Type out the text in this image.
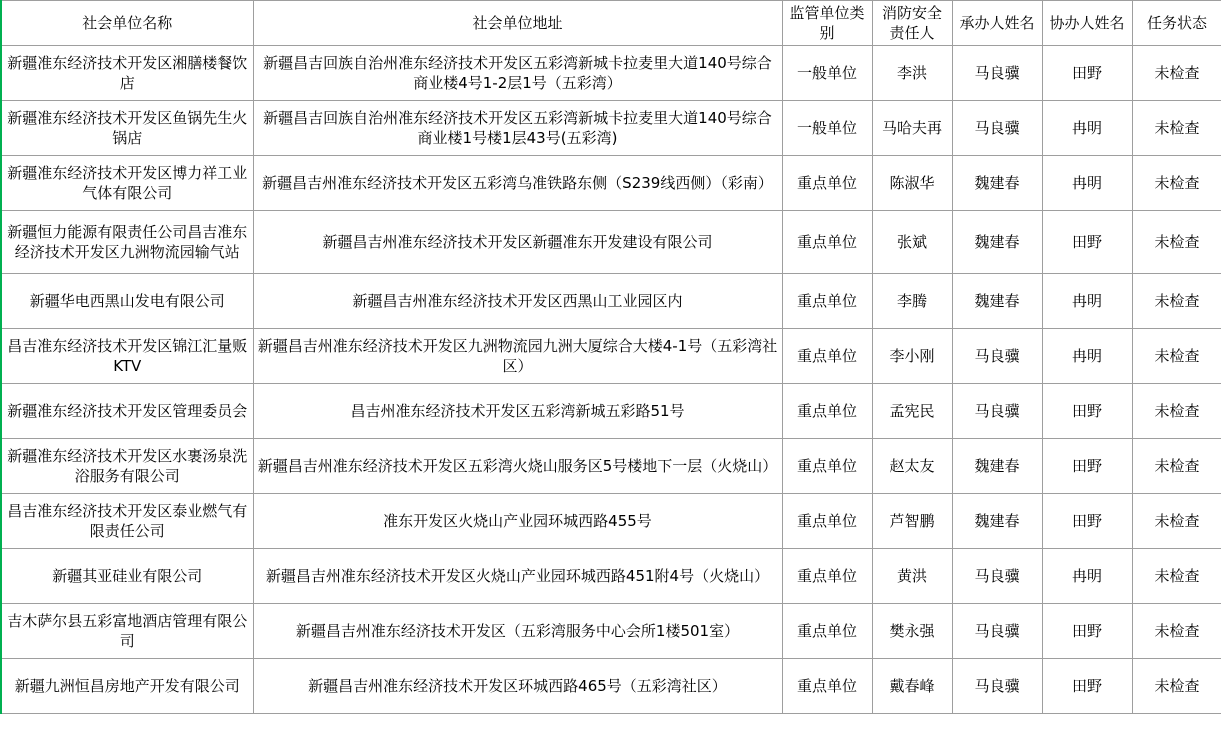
社会单位名称	社会单位地址	监管单位类别	消防安全责任人	承办人姓名	协办人姓名	任务状态
新疆准东经济技术开发区湘膳楼餐饮店	新疆昌吉回族自治州准东经济技术开发区五彩湾新城卡拉麦里大道140号综合商业楼4号1-2层1号（五彩湾）	一般单位	李洪	马良骥	田野	未检查
新疆准东经济技术开发区鱼锅先生火锅店	新疆昌吉回族自治州准东经济技术开发区五彩湾新城卡拉麦里大道140号综合商业楼1号楼1层43号(五彩湾)	一般单位	马哈夫再	马良骥	冉明	未检查
新疆准东经济技术开发区博力祥工业气体有限公司	新疆昌吉州准东经济技术开发区五彩湾乌准铁路东侧（S239线西侧）（彩南）	重点单位	陈淑华	魏建春	冉明	未检查
新疆恒力能源有限责任公司昌吉准东经济技术开发区九洲物流园输气站	新疆昌吉州准东经济技术开发区新疆准东开发建设有限公司	重点单位	张斌	魏建春	田野	未检查
新疆华电西黑山发电有限公司	新疆昌吉州准东经济技术开发区西黑山工业园区内	重点单位	李腾	魏建春	冉明	未检查
昌吉准东经济技术开发区锦江汇量贩KTV	新疆昌吉州准东经济技术开发区九洲物流园九洲大厦综合大楼4-1号（五彩湾社区）	重点单位	李小刚	马良骥	冉明	未检查
新疆准东经济技术开发区管理委员会	昌吉州准东经济技术开发区五彩湾新城五彩路51号	重点单位	孟宪民	马良骥	田野	未检查
新疆准东经济技术开发区水裹汤泉洗浴服务有限公司	新疆昌吉州准东经济技术开发区五彩湾火烧山服务区5号楼地下一层（火烧山）	重点单位	赵太友	魏建春	田野	未检查
昌吉准东经济技术开发区泰业燃气有限责任公司	准东开发区火烧山产业园环城西路455号	重点单位	芦智鹏	魏建春	田野	未检查
新疆其亚硅业有限公司	新疆昌吉州准东经济技术开发区火烧山产业园环城西路451附4号（火烧山）	重点单位	黄洪	马良骥	冉明	未检查
吉木萨尔县五彩富地酒店管理有限公司	新疆昌吉州准东经济技术开发区（五彩湾服务中心会所1楼501室）	重点单位	樊永强	马良骥	田野	未检查
新疆九洲恒昌房地产开发有限公司	新疆昌吉州准东经济技术开发区环城西路465号（五彩湾社区）	重点单位	戴春峰	马良骥	田野	未检查
